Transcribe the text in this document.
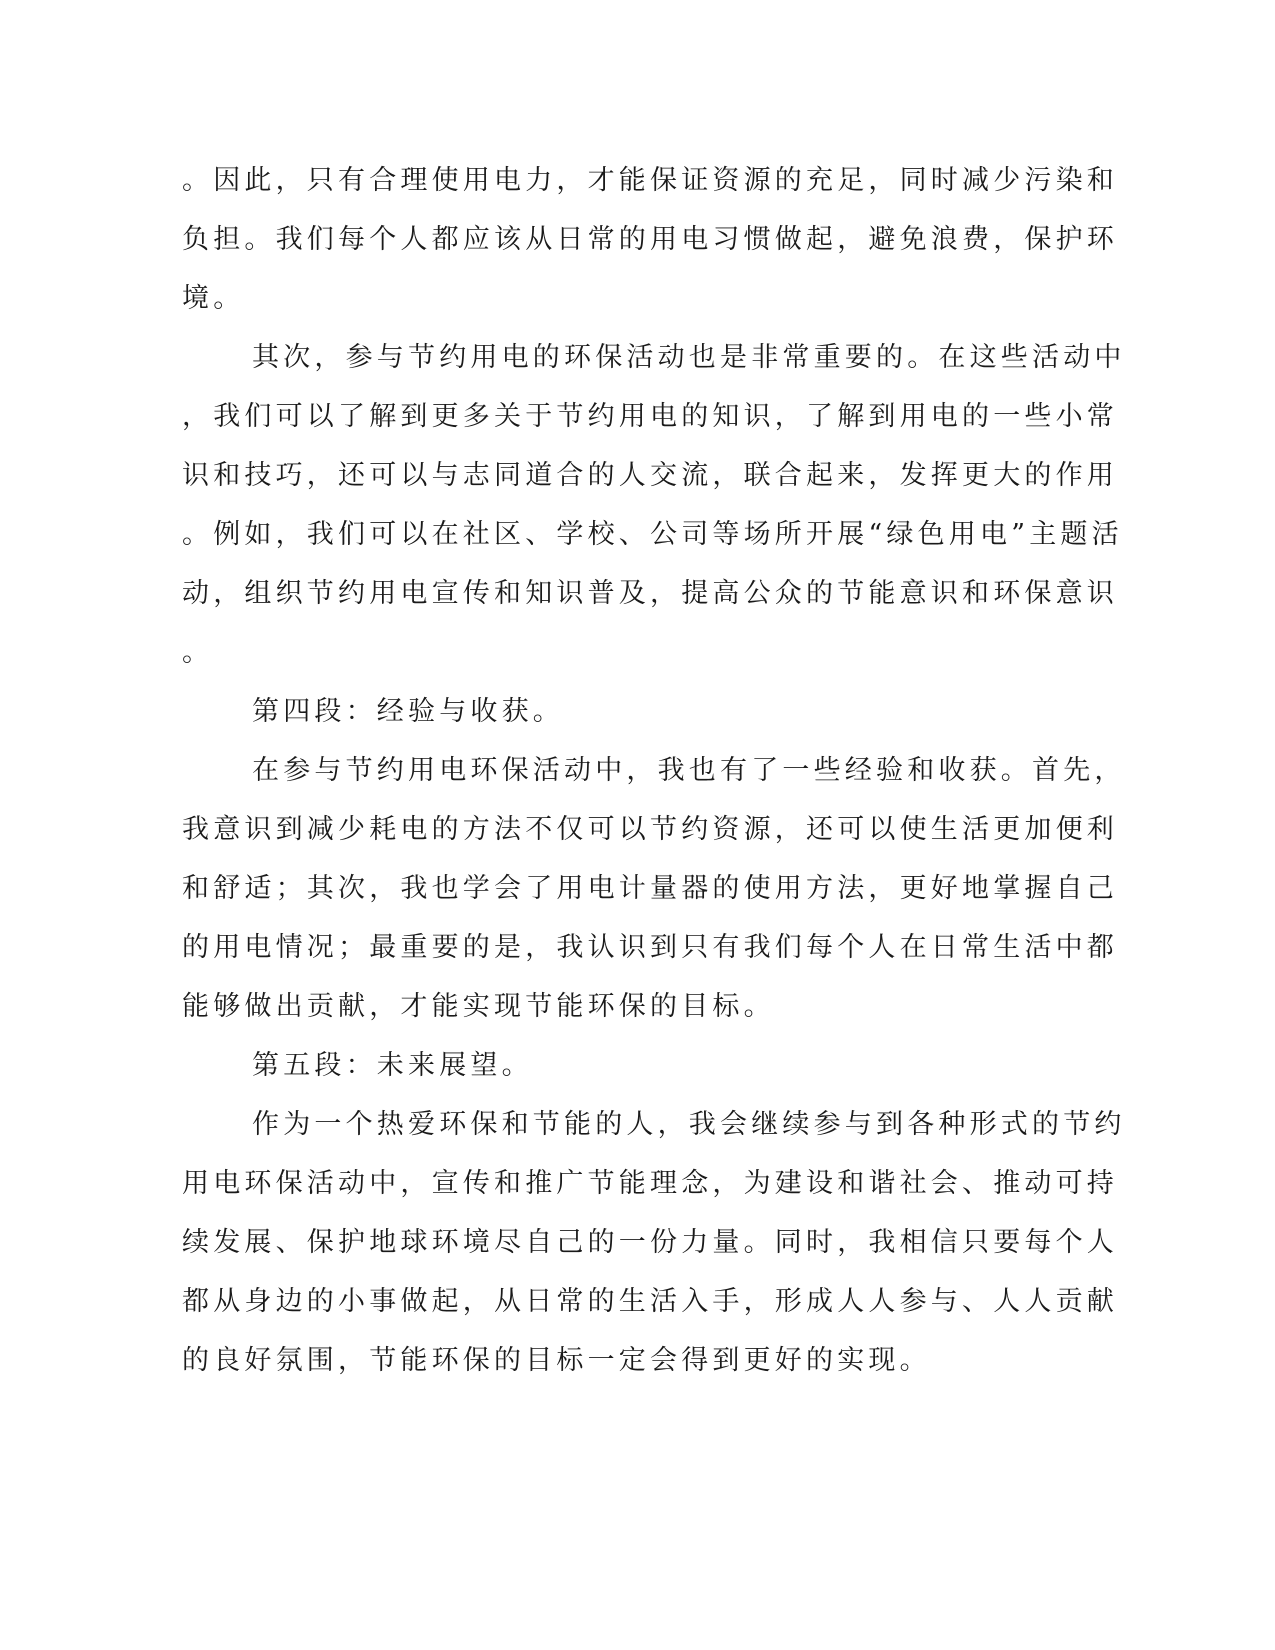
。因此，只有合理使用电力，才能保证资源的充足，同时减少污染和

负担。我们每个人都应该从日常的用电习惯做起，避免浪费，保护环

境。

其次，参与节约用电的环保活动也是非常重要的。在这些活动中

，我们可以了解到更多关于节约用电的知识，了解到用电的一些小常

识和技巧，还可以与志同道合的人交流，联合起来，发挥更大的作用

。例如，我们可以在社区、学校、公司等场所开展“绿色用电”主题活

动，组织节约用电宣传和知识普及，提高公众的节能意识和环保意识

。

第四段：经验与收获。

在参与节约用电环保活动中，我也有了一些经验和收获。首先，

我意识到减少耗电的方法不仅可以节约资源，还可以使生活更加便利

和舒适；其次，我也学会了用电计量器的使用方法，更好地掌握自己

的用电情况；最重要的是，我认识到只有我们每个人在日常生活中都

能够做出贡献，才能实现节能环保的目标。

第五段：未来展望。

作为一个热爱环保和节能的人，我会继续参与到各种形式的节约

用电环保活动中，宣传和推广节能理念，为建设和谐社会、推动可持

续发展、保护地球环境尽自己的一份力量。同时，我相信只要每个人

都从身边的小事做起，从日常的生活入手，形成人人参与、人人贡献

的良好氛围，节能环保的目标一定会得到更好的实现。
